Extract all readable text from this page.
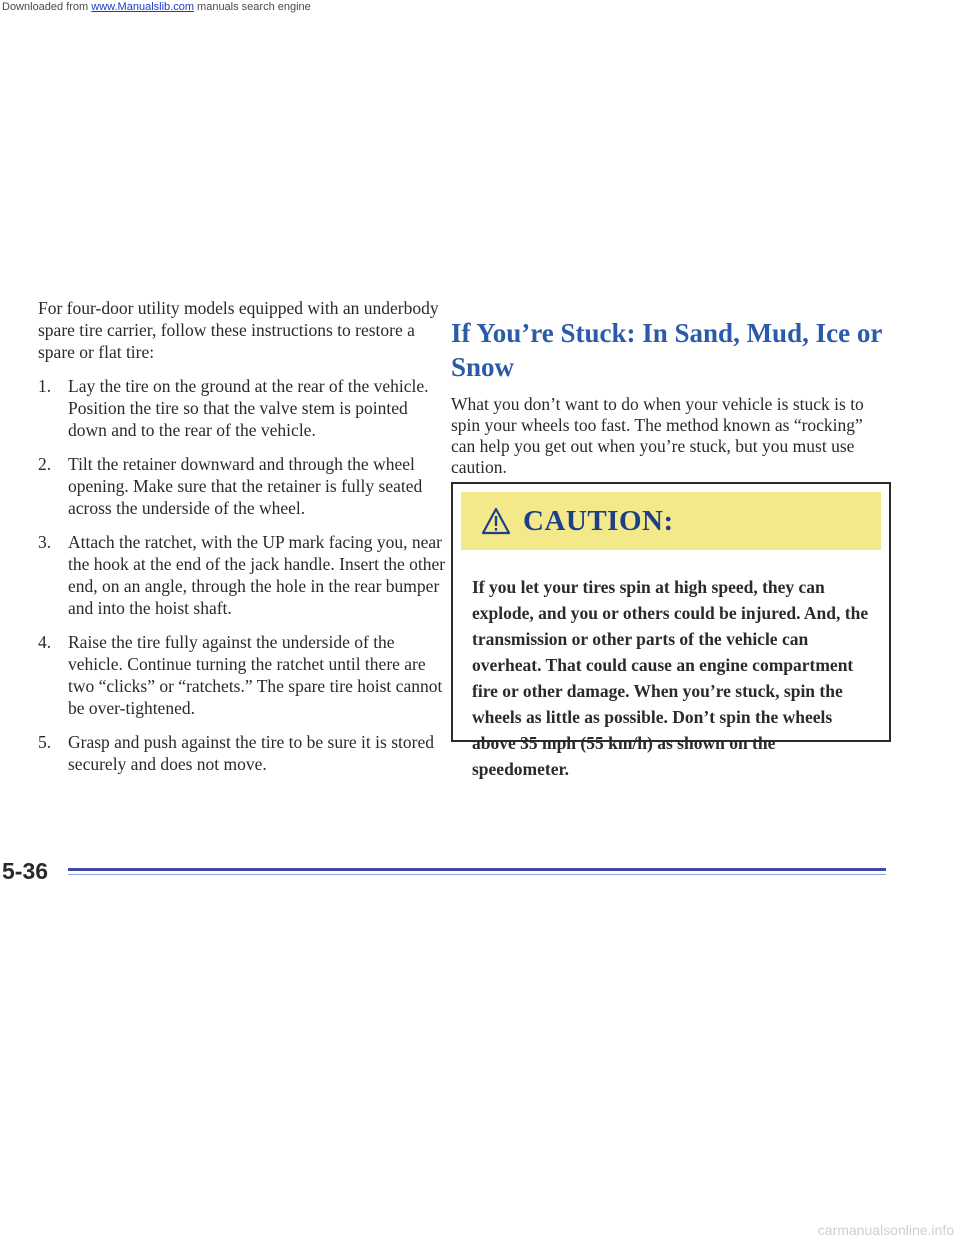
Downloaded from www.Manualslib.com manuals search engine

For four-door utility models equipped with an underbody spare tire carrier, follow these instructions to restore a spare or flat tire:

1. Lay the tire on the ground at the rear of the vehicle. Position the tire so that the valve stem is pointed down and to the rear of the vehicle.
2. Tilt the retainer downward and through the wheel opening. Make sure that the retainer is fully seated across the underside of the wheel.
3. Attach the ratchet, with the UP mark facing you, near the hook at the end of the jack handle. Insert the other end, on an angle, through the hole in the rear bumper and into the hoist shaft.
4. Raise the tire fully against the underside of the vehicle. Continue turning the ratchet until there are two “clicks” or “ratchets.” The spare tire hoist cannot be over-tightened.
5. Grasp and push against the tire to be sure it is stored securely and does not move.
If You’re Stuck: In Sand, Mud, Ice or Snow

What you don’t want to do when your vehicle is stuck is to spin your wheels too fast. The method known as “rocking” can help you get out when you’re stuck, but you must use caution.

CAUTION:

If you let your tires spin at high speed, they can explode, and you or others could be injured. And, the transmission or other parts of the vehicle can overheat. That could cause an engine compartment fire or other damage. When you’re stuck, spin the wheels as little as possible. Don’t spin the wheels above 35 mph (55 km/h) as shown on the speedometer.

5-36
carmanualsonline.info
